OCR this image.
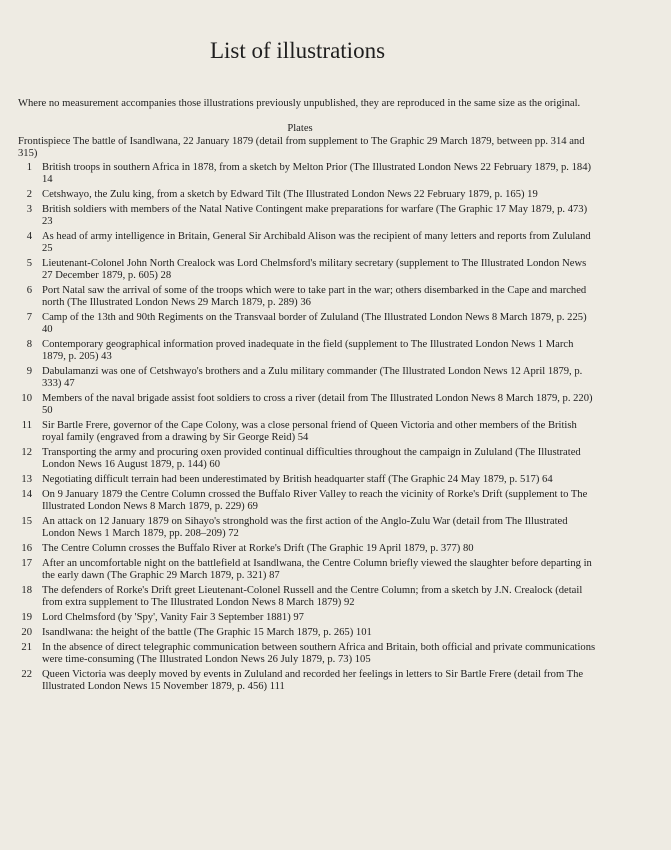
List of illustrations

Where no measurement accompanies those illustrations previously unpublished, they are reproduced in the same size as the original.

Plates

Frontispiece The battle of Isandlwana, 22 January 1879 (detail from supplement to The Graphic 29 March 1879, between pp. 314 and 315)

1 British troops in southern Africa in 1878, from a sketch by Melton Prior (The Illustrated London News 22 February 1879, p. 184) 14
2 Cetshwayo, the Zulu king, from a sketch by Edward Tilt (The Illustrated London News 22 February 1879, p. 165) 19
3 British soldiers with members of the Natal Native Contingent make preparations for warfare (The Graphic 17 May 1879, p. 473) 23
4 As head of army intelligence in Britain, General Sir Archibald Alison was the recipient of many letters and reports from Zululand 25
5 Lieutenant-Colonel John North Crealock was Lord Chelmsford's military secretary (supplement to The Illustrated London News 27 December 1879, p. 605) 28
6 Port Natal saw the arrival of some of the troops which were to take part in the war; others disembarked in the Cape and marched north (The Illustrated London News 29 March 1879, p. 289) 36
7 Camp of the 13th and 90th Regiments on the Transvaal border of Zululand (The Illustrated London News 8 March 1879, p. 225) 40
8 Contemporary geographical information proved inadequate in the field (supplement to The Illustrated London News 1 March 1879, p. 205) 43
9 Dabulamanzi was one of Cetshwayo's brothers and a Zulu military commander (The Illustrated London News 12 April 1879, p. 333) 47
10 Members of the naval brigade assist foot soldiers to cross a river (detail from The Illustrated London News 8 March 1879, p. 220) 50
11 Sir Bartle Frere, governor of the Cape Colony, was a close personal friend of Queen Victoria and other members of the British royal family (engraved from a drawing by Sir George Reid) 54
12 Transporting the army and procuring oxen provided continual difficulties throughout the campaign in Zululand (The Illustrated London News 16 August 1879, p. 144) 60
13 Negotiating difficult terrain had been underestimated by British headquarter staff (The Graphic 24 May 1879, p. 517) 64
14 On 9 January 1879 the Centre Column crossed the Buffalo River Valley to reach the vicinity of Rorke's Drift (supplement to The Illustrated London News 8 March 1879, p. 229) 69
15 An attack on 12 January 1879 on Sihayo's stronghold was the first action of the Anglo-Zulu War (detail from The Illustrated London News 1 March 1879, pp. 208–209) 72
16 The Centre Column crosses the Buffalo River at Rorke's Drift (The Graphic 19 April 1879, p. 377) 80
17 After an uncomfortable night on the battlefield at Isandlwana, the Centre Column briefly viewed the slaughter before departing in the early dawn (The Graphic 29 March 1879, p. 321) 87
18 The defenders of Rorke's Drift greet Lieutenant-Colonel Russell and the Centre Column; from a sketch by J.N. Crealock (detail from extra supplement to The Illustrated London News 8 March 1879) 92
19 Lord Chelmsford (by 'Spy', Vanity Fair 3 September 1881) 97
20 Isandlwana: the height of the battle (The Graphic 15 March 1879, p. 265) 101
21 In the absence of direct telegraphic communication between southern Africa and Britain, both official and private communications were time-consuming (The Illustrated London News 26 July 1879, p. 73) 105
22 Queen Victoria was deeply moved by events in Zululand and recorded her feelings in letters to Sir Bartle Frere (detail from The Illustrated London News 15 November 1879, p. 456) 111
